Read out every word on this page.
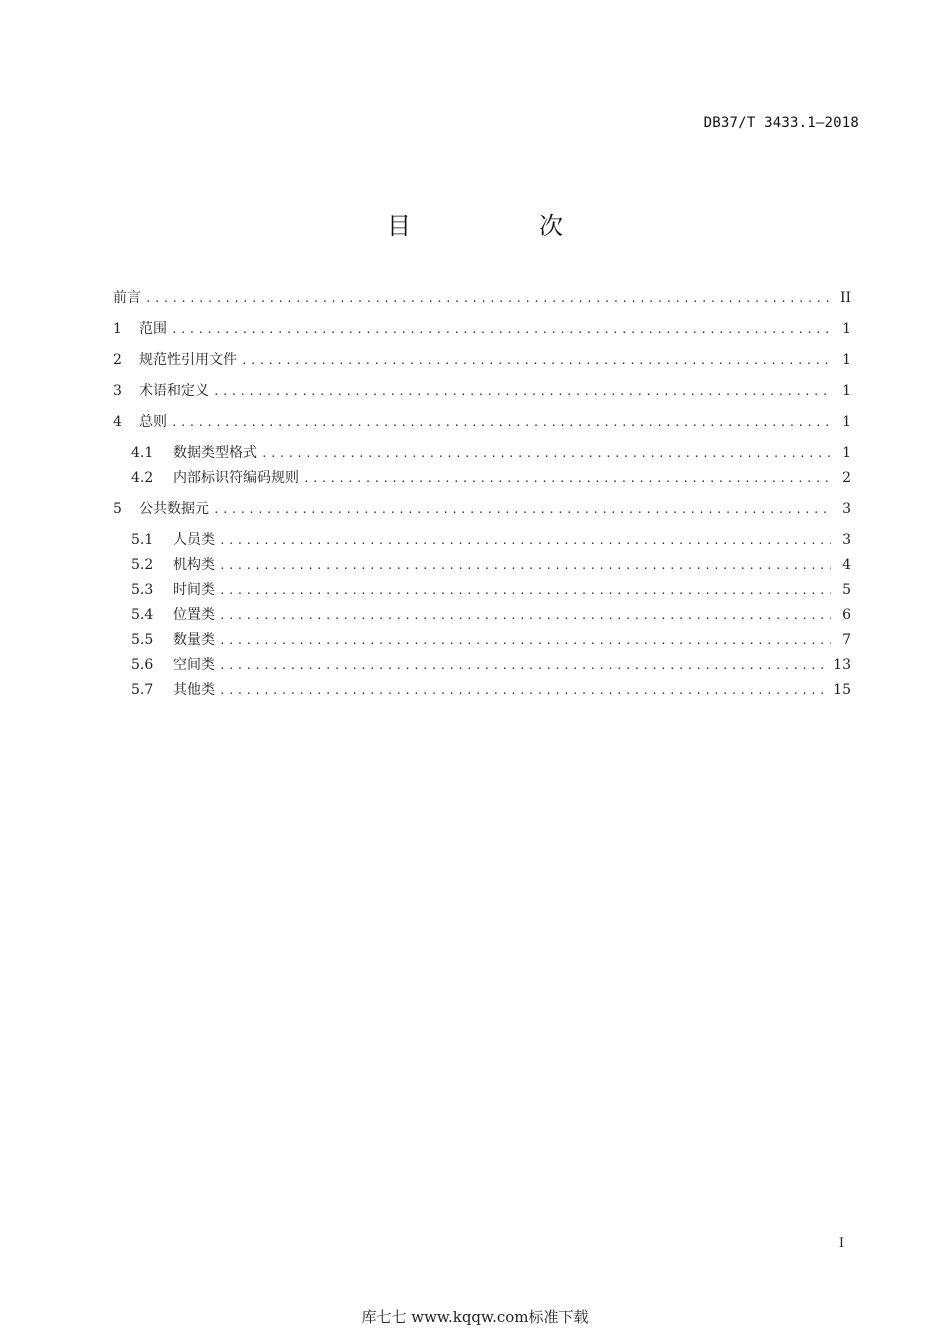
DB37/T 3433.1—2018
目　次
前言 .....	II
1	范围 .....	1
2	规范性引用文件 .....	1
3	术语和定义 .....	1
4	总则 .....	1
4.1	数据类型格式 .....	1
4.2	内部标识符编码规则 .....	2
5	公共数据元 .....	3
5.1	人员类 .....	3
5.2	机构类 .....	4
5.3	时间类 .....	5
5.4	位置类 .....	6
5.5	数量类 .....	7
5.6	空间类 .....	13
5.7	其他类 .....	15
I
库七七 www.kqqw.com标准下载
